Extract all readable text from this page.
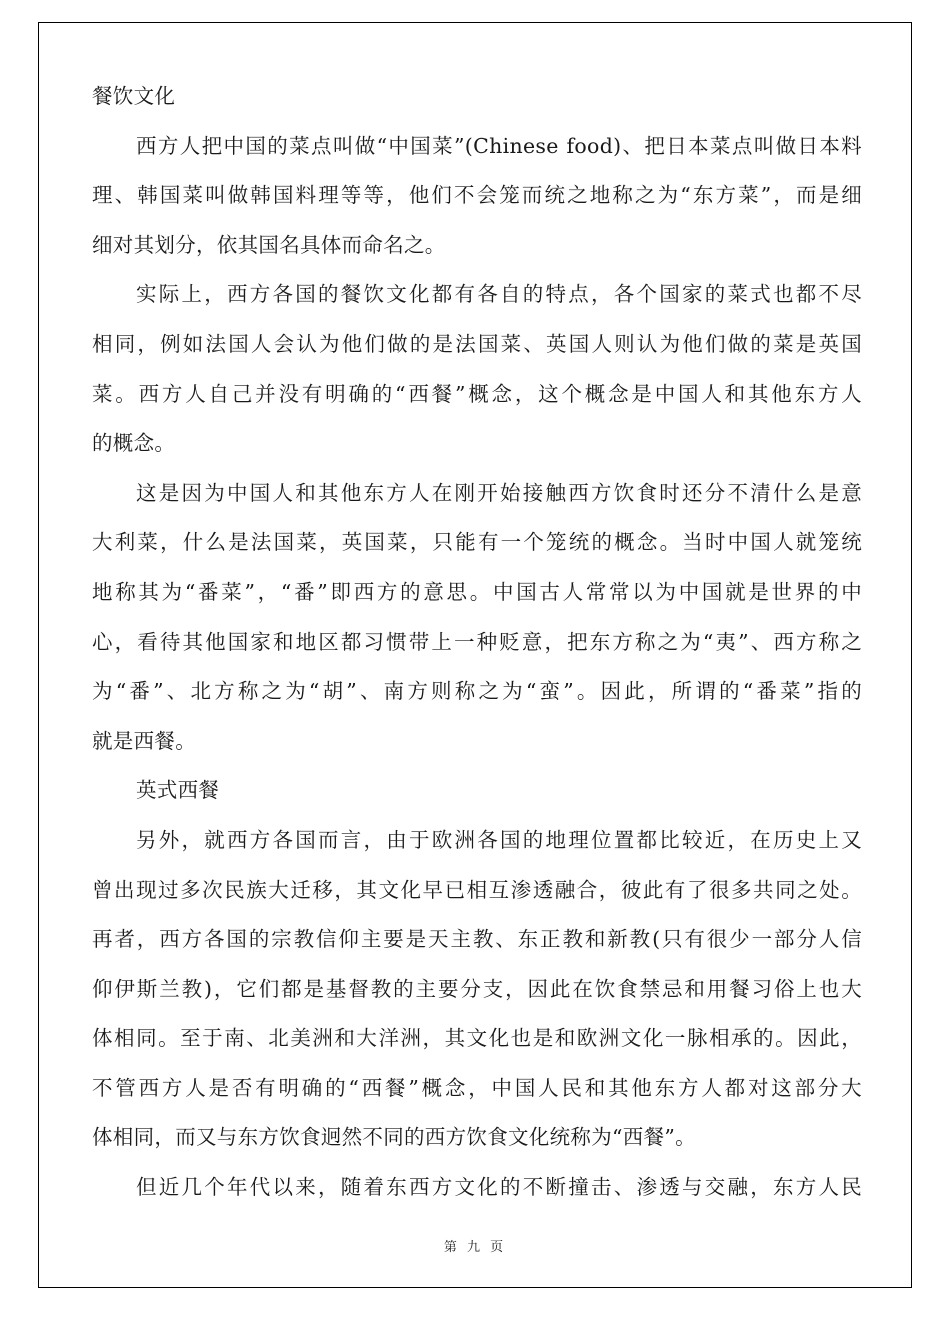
餐饮文化
西方人把中国的菜点叫做“中国菜”(Chinese food)、把日本菜点叫做日本料
理、韩国菜叫做韩国料理等等，他们不会笼而统之地称之为“东方菜”，而是细
细对其划分，依其国名具体而命名之。
实际上，西方各国的餐饮文化都有各自的特点，各个国家的菜式也都不尽
相同，例如法国人会认为他们做的是法国菜、英国人则认为他们做的菜是英国
菜。西方人自己并没有明确的“西餐”概念，这个概念是中国人和其他东方人
的概念。
这是因为中国人和其他东方人在刚开始接触西方饮食时还分不清什么是意
大利菜，什么是法国菜，英国菜，只能有一个笼统的概念。当时中国人就笼统
地称其为“番菜”，“番”即西方的意思。中国古人常常以为中国就是世界的中
心，看待其他国家和地区都习惯带上一种贬意，把东方称之为“夷”、西方称之
为“番”、北方称之为“胡”、南方则称之为“蛮”。因此，所谓的“番菜”指的
就是西餐。
英式西餐
另外，就西方各国而言，由于欧洲各国的地理位置都比较近，在历史上又
曾出现过多次民族大迁移，其文化早已相互渗透融合，彼此有了很多共同之处。
再者，西方各国的宗教信仰主要是天主教、东正教和新教(只有很少一部分人信
仰伊斯兰教)，它们都是基督教的主要分支，因此在饮食禁忌和用餐习俗上也大
体相同。至于南、北美洲和大洋洲，其文化也是和欧洲文化一脉相承的。因此，
不管西方人是否有明确的“西餐”概念，中国人民和其他东方人都对这部分大
体相同，而又与东方饮食迥然不同的西方饮食文化统称为“西餐”。
但近几个年代以来，随着东西方文化的不断撞击、渗透与交融，东方人民
第 九 页
